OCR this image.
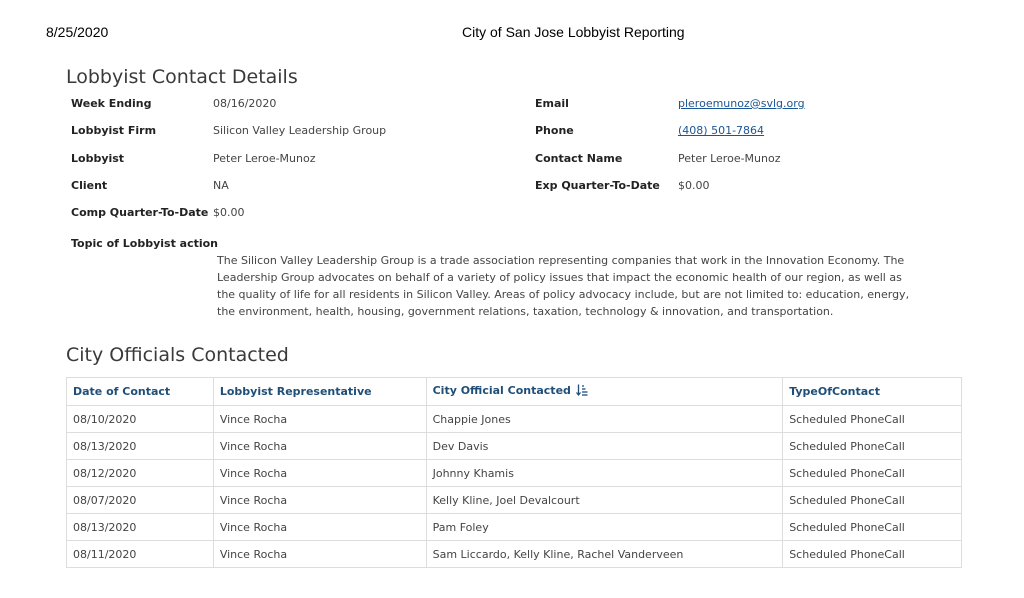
8/25/2020	City of San Jose Lobbyist Reporting
Lobbyist Contact Details
Week Ending	08/16/2020
Lobbyist Firm	Silicon Valley Leadership Group
Lobbyist	Peter Leroe-Munoz
Client	NA
Comp Quarter-To-Date $0.00
Email	pleroemunoz@svlg.org
Phone	(408) 501-7864
Contact Name	Peter Leroe-Munoz
Exp Quarter-To-Date $0.00
Topic of Lobbyist action
The Silicon Valley Leadership Group is a trade association representing companies that work in the Innovation Economy. The Leadership Group advocates on behalf of a variety of policy issues that impact the economic health of our region, as well as the quality of life for all residents in Silicon Valley. Areas of policy advocacy include, but are not limited to: education, energy, the environment, health, housing, government relations, taxation, technology & innovation, and transportation.
City Officials Contacted
Date of Contact	Lobbyist Representative	City Official Contacted	TypeOfContact
08/10/2020	Vince Rocha	Chappie Jones	Scheduled PhoneCall
08/13/2020	Vince Rocha	Dev Davis	Scheduled PhoneCall
08/12/2020	Vince Rocha	Johnny Khamis	Scheduled PhoneCall
08/07/2020	Vince Rocha	Kelly Kline, Joel Devalcourt	Scheduled PhoneCall
08/13/2020	Vince Rocha	Pam Foley	Scheduled PhoneCall
08/11/2020	Vince Rocha	Sam Liccardo, Kelly Kline, Rachel Vanderveen	Scheduled PhoneCall
